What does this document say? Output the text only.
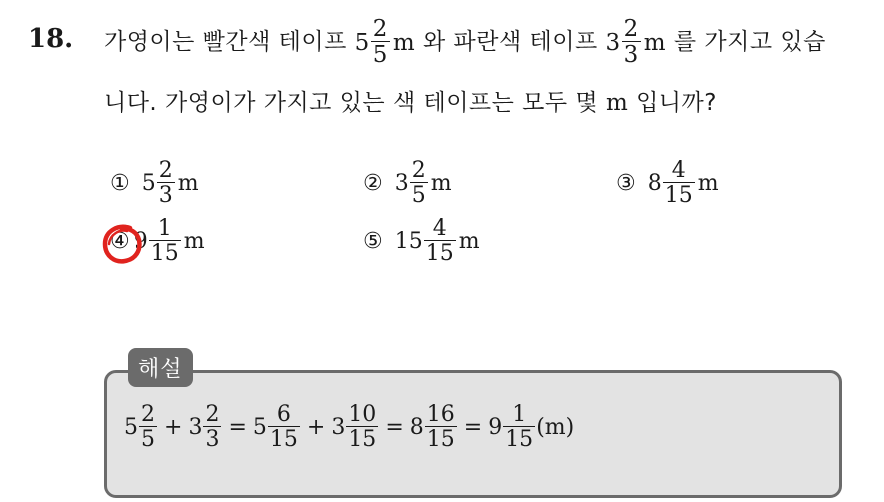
18. 가영이는 빨간색 테이프 $5 \frac{2}{5}$ m 와 파란색 테이프 $3 \frac{2}{3}$ m 를 가지고 있습
니다. 가영이가 가지고 있는 색 테이프는 모두 몇 m 입니까?
① $5 \frac{2}{3}$ m	② $3 \frac{2}{5}$ m	③ $8 \frac{4}{15}$ m
④ $9 \frac{1}{15}$ m	⑤ $15 \frac{4}{15}$ m
해설
$5 \frac{2}{5} + 3 \frac{2}{3} = 5 \frac{6}{15} + 3 \frac{10}{15} = 8 \frac{16}{15} = 9 \frac{1}{15} (m)$
